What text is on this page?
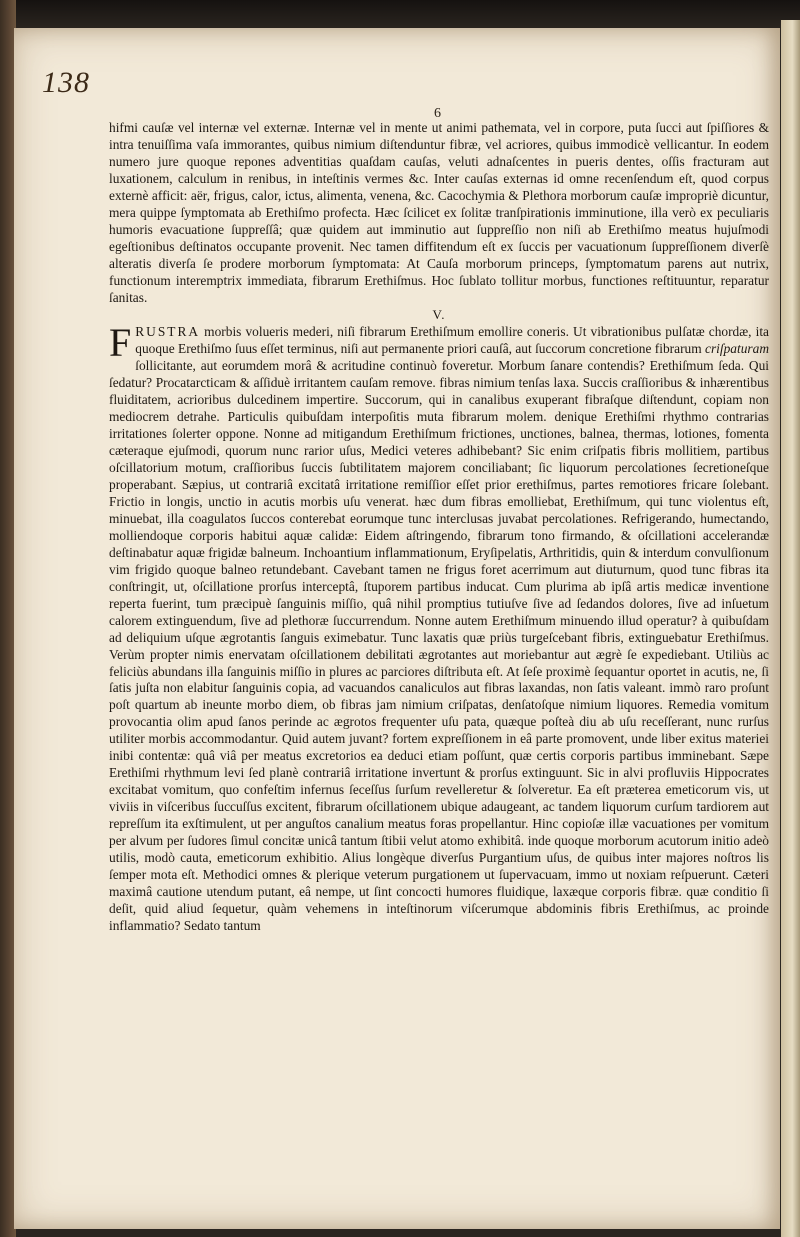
138
6

hifmi cauſæ vel internæ vel externæ. Internæ vel in mente ut animi pathemata, vel in corpore, puta ſucci aut ſpiſſiores & intra tenuiſſima vaſa immorantes, quibus nimium diſtenduntur fibræ, vel acriores, quibus immodicè vellicantur. In eodem numero jure quoque repones adventitias quaſdam cauſas, veluti adnaſcentes in pueris dentes, oſſis fracturam aut luxationem, calculum in renibus, in inteſtinis vermes &c. Inter cauſas externas id omne recenſendum eſt, quod corpus externè afficit: aër, frigus, calor, ictus, alimenta, venena, &c. Cacochymia & Plethora morborum cauſæ impropriè dicuntur, mera quippe ſymptomata ab Erethiſmo profecta. Hæc ſcilicet ex ſolitæ tranſpirationis imminutione, illa verò ex peculiaris humoris evacuatione ſuppreſſâ; quæ quidem aut imminutio aut ſuppreſſio non niſi ab Erethiſmo meatus hujuſmodi egeſtionibus deſtinatos occupante provenit. Nec tamen diffitendum eſt ex ſuccis per vacuationum ſuppreſſionem diverſè alteratis diverſa ſe prodere morborum ſymptomata: At Cauſa morborum princeps, ſymptomatum parens aut nutrix, functionum interemptrix immediata, fibrarum Erethiſmus. Hoc ſublato tollitur morbus, functiones reſtituuntur, reparatur ſanitas.

V.

FRUSTRA morbis volueris mederi, niſi fibrarum Erethiſmum emollire coneris. Ut vibrationibus pulſatæ chordæ, ita quoque Erethiſmo ſuus eſſet terminus, niſi aut permanente priori cauſâ, aut ſuccorum concretione fibrarum criſpaturam ſollicitante, aut eorumdem morâ & acritudine continuò foveretur. Morbum ſanare contendis? Erethiſmum ſeda. Qui ſedatur? Procatarcticam & aſſiduè irritantem cauſam remove. fibras nimium tenſas laxa. Succis craſſioribus & inhærentibus fluiditatem, acrioribus dulcedinem impertire. Succorum, qui in canalibus exuperant fibraſque diſtendunt, copiam non mediocrem detrahe. Particulis quibuſdam interpoſitis muta fibrarum molem. denique Erethiſmi rhythmo contrarias irritationes ſolerter oppone. Nonne ad mitigandum Erethiſmum frictiones, unctiones, balnea, thermas, lotiones, fomenta cæteraque ejuſmodi, quorum nunc rarior uſus, Medici veteres adhibebant? Sic enim criſpatis fibris mollitiem, partibus oſcillatorium motum, craſſioribus ſuccis ſubtilitatem majorem conciliabant; ſic liquorum percolationes ſecretioneſque properabant. Sæpius, ut contrariâ excitatâ irritatione remiſſior eſſet prior erethiſmus, partes remotiores fricare ſolebant. Frictio in longis, unctio in acutis morbis uſu venerat. hæc dum fibras emolliebat, Erethiſmum, qui tunc violentus eſt, minuebat, illa coagulatos ſuccos conterebat eorumque tunc interclusas juvabat percolationes. Refrigerando, humectando, molliendoque corporis habitui aquæ calidæ: Eidem aſtringendo, fibrarum tono firmando, & oſcillationi accelerandæ deſtinabatur aquæ frigidæ balneum. Inchoantium inflammationum, Eryſipelatis, Arthritidis, quin & interdum convulſionum vim frigido quoque balneo retundebant. Cavebant tamen ne frigus foret acerrimum aut diuturnum, quod tunc fibras ita conſtringit, ut, oſcillatione prorſus interceptâ, ſtuporem partibus inducat. Cum plurima ab ipſâ artis medicæ inventione reperta fuerint, tum præcipuè ſanguinis miſſio, quâ nihil promptius tutiuſve ſive ad ſedandos dolores, ſive ad inſuetum calorem extinguendum, ſive ad plethoræ ſuccurrendum. Nonne autem Erethiſmum minuendo illud operatur? à quibuſdam ad deliquium uſque ægrotantis ſanguis eximebatur. Tunc laxatis quæ priùs turgeſcebant fibris, extinguebatur Erethiſmus. Verùm propter nimis enervatam oſcillationem debilitati ægrotantes aut moriebantur aut ægrè ſe expediebant. Utiliùs ac feliciùs abundans illa ſanguinis miſſio in plures ac parciores diſtributa eſt. At ſeſe proximè ſequantur oportet in acutis, ne, ſi ſatis juſta non elabitur ſanguinis copia, ad vacuandos canaliculos aut fibras laxandas, non ſatis valeant. immò raro proſunt poſt quartum ab ineunte morbo diem, ob fibras jam nimium criſpatas, denſatoſque nimium liquores. Remedia vomitum provocantia olim apud ſanos perinde ac ægrotos frequenter uſu pata, quæque poſteà diu ab uſu receſſerant, nunc rurſus utiliter morbis accommodantur. Quid autem juvant? fortem expreſſionem in eâ parte promovent, unde liber exitus materiei inibi contentæ: quâ viâ per meatus excretorios ea deduci etiam poſſunt, quæ certis corporis partibus imminebant. Sæpe Erethiſmi rhythmum levi ſed planè contrariâ irritatione invertunt & prorſus extinguunt. Sic in alvi profluviis Hippocrates excitabat vomitum, quo confeſtim infernus ſeceſſus ſurſum revelleretur & ſolveretur. Ea eſt præterea emeticorum vis, ut viviis in viſceribus ſuccuſſus excitent, fibrarum oſcillationem ubique adaugeant, ac tandem liquorum curſum tardiorem aut repreſſum ita exſtimulent, ut per anguſtos canalium meatus foras propellantur. Hinc copioſæ illæ vacuationes per vomitum per alvum per ſudores ſimul concitæ unicâ tantum ſtibii velut atomo exhibitâ. inde quoque morborum acutorum initio adeò utilis, modò cauta, emeticorum exhibitio. Alius longèque diverſus Purgantium uſus, de quibus inter majores noſtros lis ſemper mota eſt. Methodici omnes & plerique veterum purgationem ut ſupervacuam, immo ut noxiam reſpuerunt. Cæteri maximâ cautione utendum putant, eâ nempe, ut ſint concocti humores fluidique, laxæque corporis fibræ. quæ conditio ſi deſit, quid aliud ſequetur, quàm vehemens in inteſtinorum viſcerumque abdominis fibris Erethiſmus, ac proinde inflammatio? Sedato tantum
